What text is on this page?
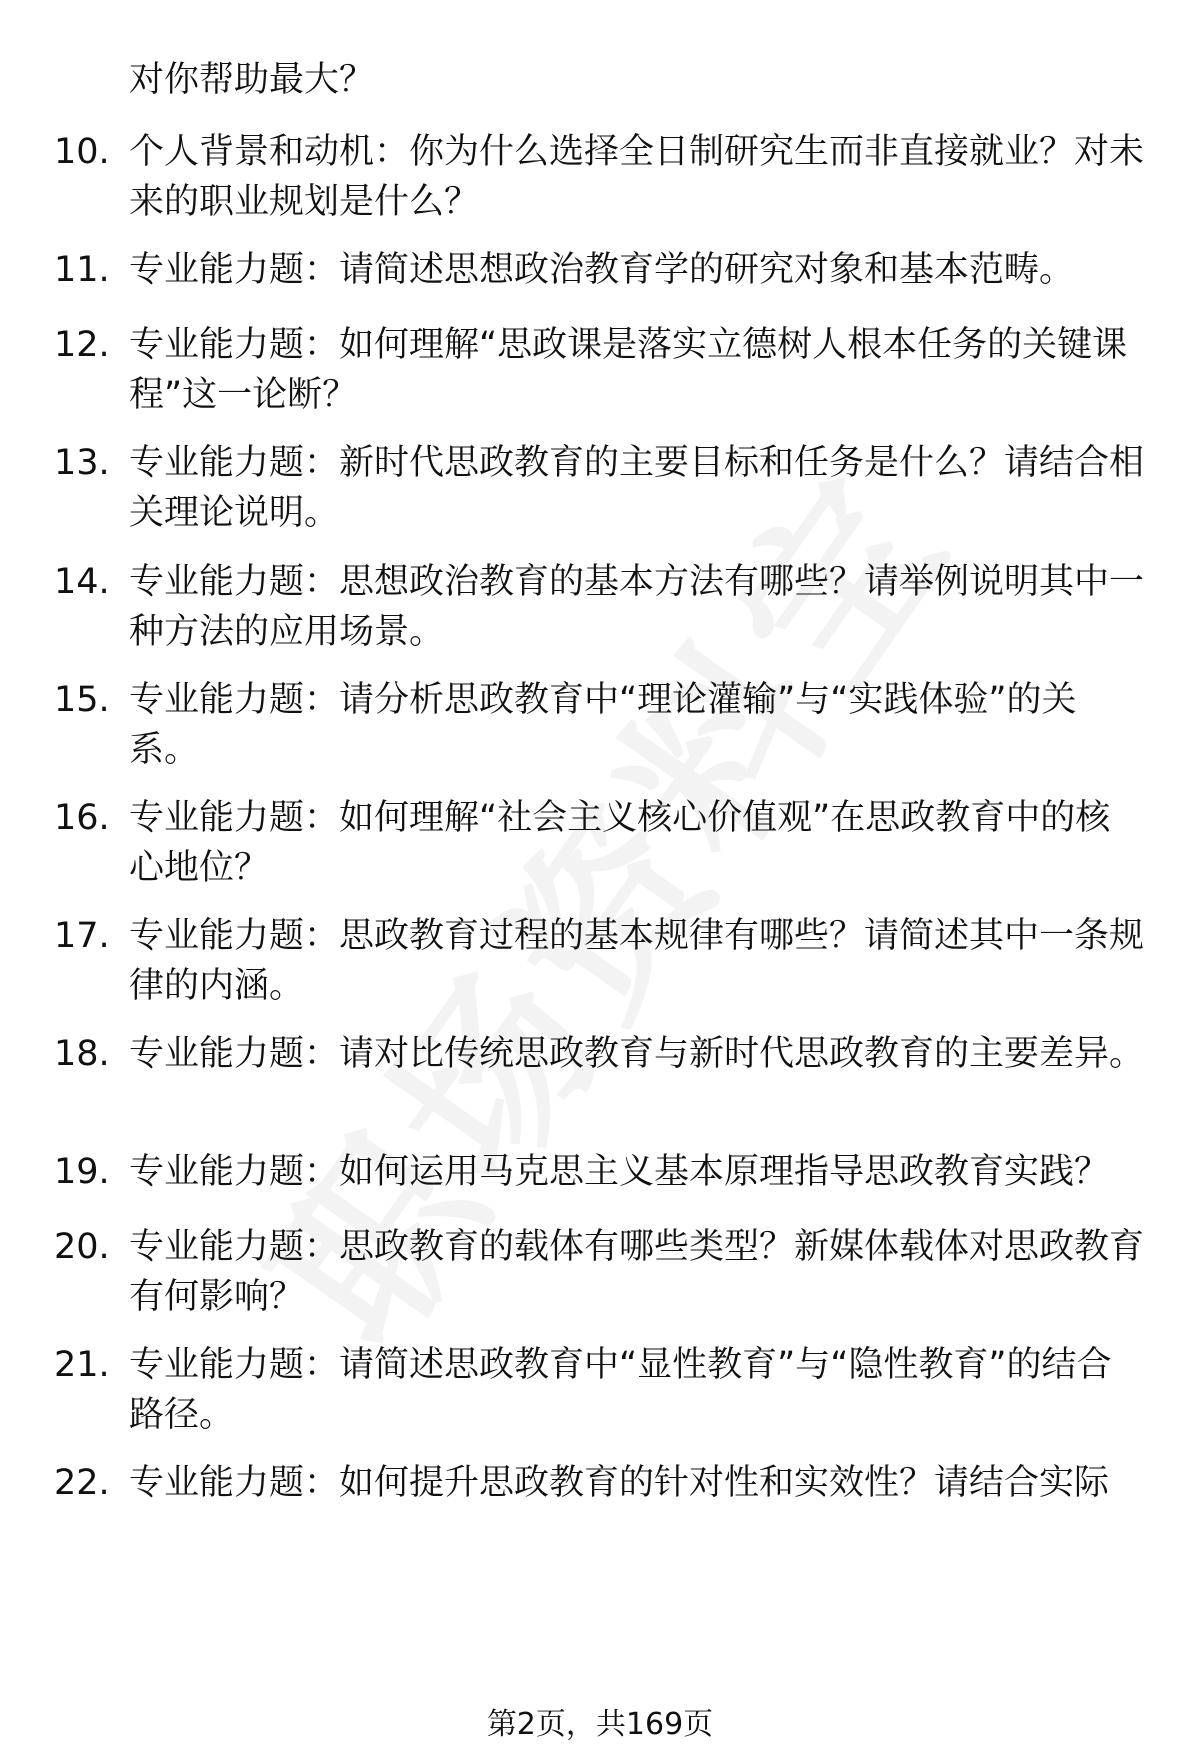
对你帮助最大？
10. 个人背景和动机：你为什么选择全日制研究生而非直接就业？对未来的职业规划是什么？
11. 专业能力题：请简述思想政治教育学的研究对象和基本范畴。
12. 专业能力题：如何理解“思政课是落实立德树人根本任务的关键课程”这一论断？
13. 专业能力题：新时代思政教育的主要目标和任务是什么？请结合相关理论说明。
14. 专业能力题：思想政治教育的基本方法有哪些？请举例说明其中一种方法的应用场景。
15. 专业能力题：请分析思政教育中“理论灌输”与“实践体验”的关系。
16. 专业能力题：如何理解“社会主义核心价值观”在思政教育中的核心地位？
17. 专业能力题：思政教育过程的基本规律有哪些？请简述其中一条规律的内涵。
18. 专业能力题：请对比传统思政教育与新时代思政教育的主要差异。
19. 专业能力题：如何运用马克思主义基本原理指导思政教育实践？
20. 专业能力题：思政教育的载体有哪些类型？新媒体载体对思政教育有何影响？
21. 专业能力题：请简述思政教育中“显性教育”与“隐性教育”的结合路径。
22. 专业能力题：如何提升思政教育的针对性和实效性？请结合实际
第2页，共169页
